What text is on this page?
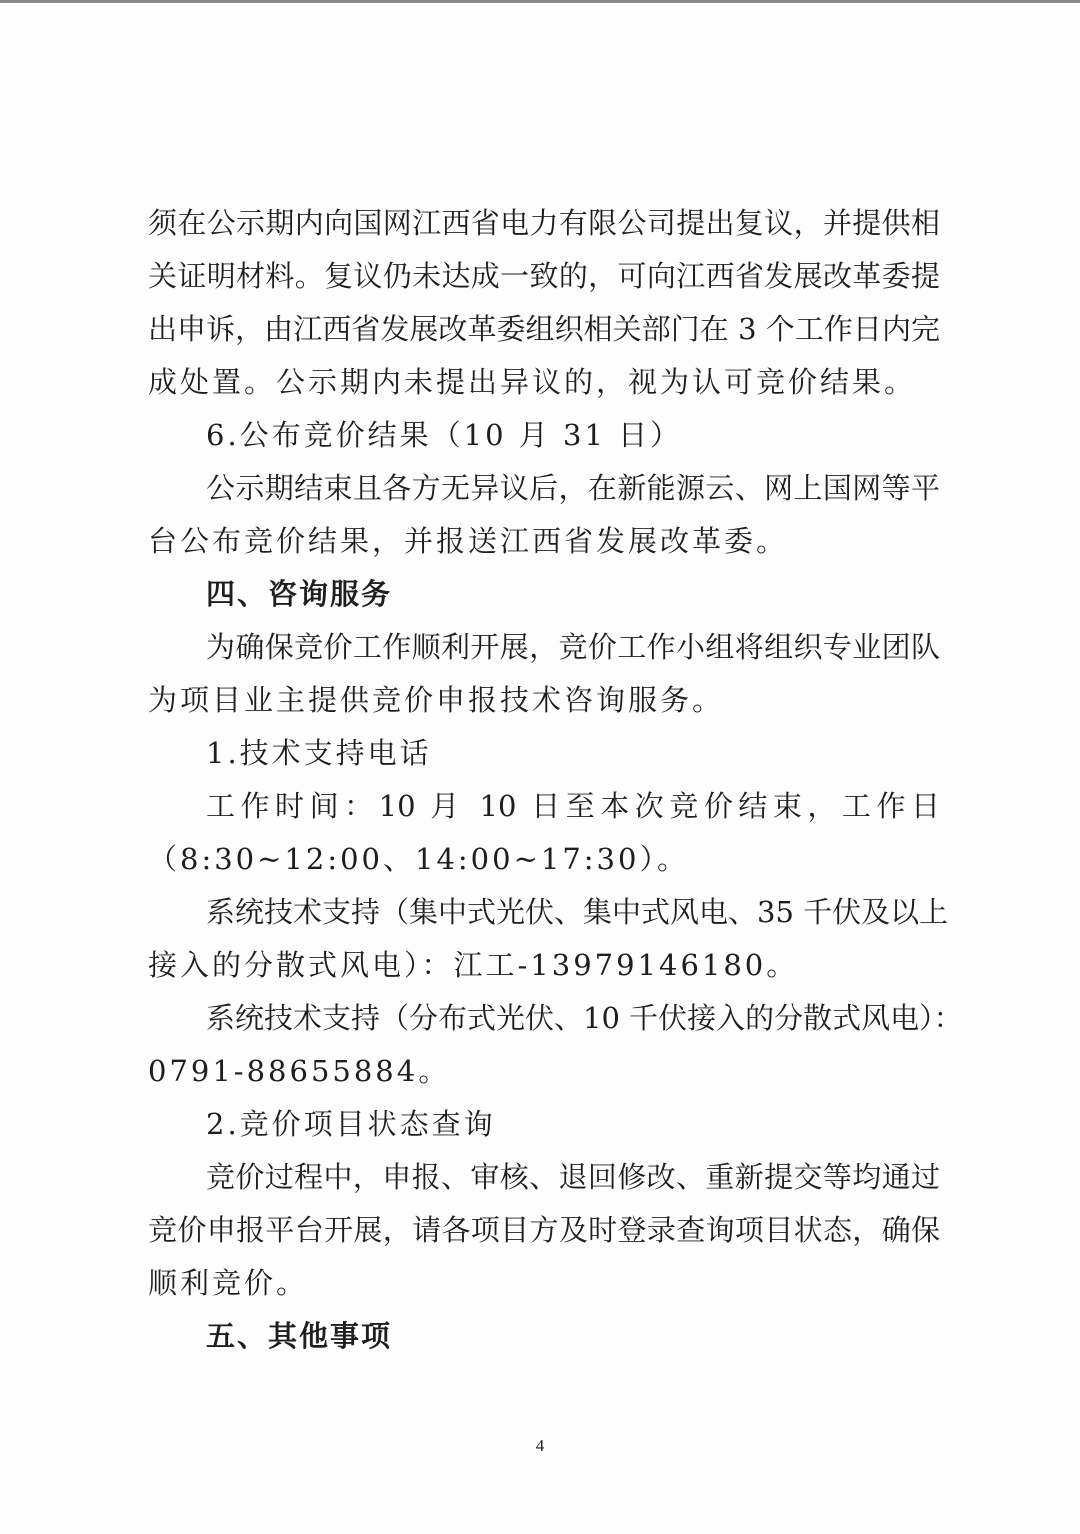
须在公示期内向国网江西省电力有限公司提出复议，并提供相
关证明材料。复议仍未达成一致的，可向江西省发展改革委提
出申诉，由江西省发展改革委组织相关部门在 3 个工作日内完
成处置。公示期内未提出异议的，视为认可竞价结果。
6.公布竞价结果（10 月 31 日）
公示期结束且各方无异议后，在新能源云、网上国网等平
台公布竞价结果，并报送江西省发展改革委。
四、咨询服务
为确保竞价工作顺利开展，竞价工作小组将组织专业团队
为项目业主提供竞价申报技术咨询服务。
1.技术支持电话
工作时间：10 月 10 日至本次竞价结束，工作日
（8:30~12:00、14:00~17:30）。
系统技术支持（集中式光伏、集中式风电、35 千伏及以上
接入的分散式风电）：江工-13979146180。
系统技术支持（分布式光伏、10 千伏接入的分散式风电）：
0791-88655884。
2.竞价项目状态查询
竞价过程中，申报、审核、退回修改、重新提交等均通过
竞价申报平台开展，请各项目方及时登录查询项目状态，确保
顺利竞价。
五、其他事项
4
